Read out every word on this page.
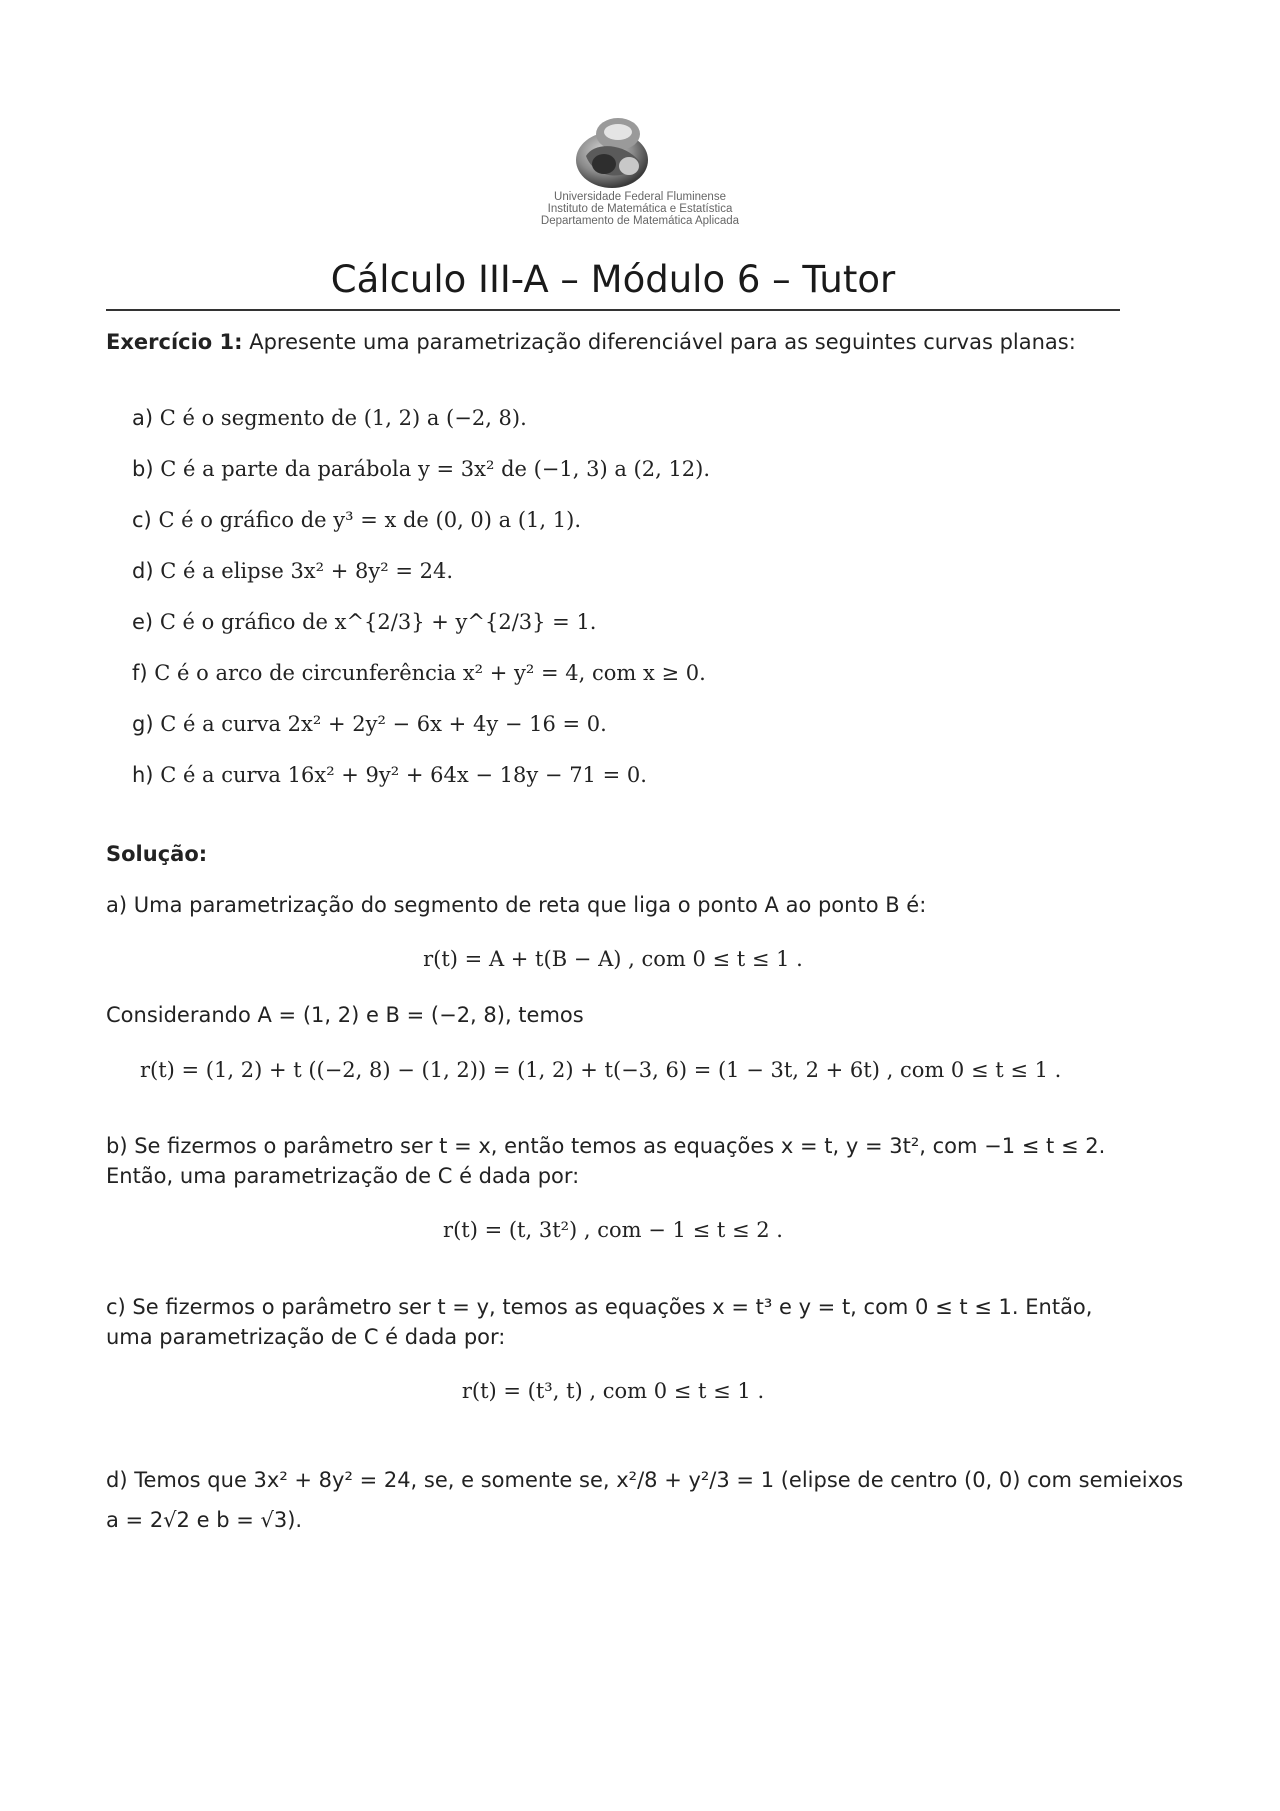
Universidade Federal Fluminense
Instituto de Matemática e Estatística
Departamento de Matemática Aplicada
Cálculo III-A – Módulo 6 – Tutor
Exercício 1: Apresente uma parametrização diferenciável para as seguintes curvas planas:
a) C é o segmento de (1, 2) a (−2, 8).
b) C é a parte da parábola y = 3x² de (−1, 3) a (2, 12).
c) C é o gráfico de y³ = x de (0, 0) a (1, 1).
d) C é a elipse 3x² + 8y² = 24.
e) C é o gráfico de x^{2/3} + y^{2/3} = 1.
f) C é o arco de circunferência x² + y² = 4, com x ≥ 0.
g) C é a curva 2x² + 2y² − 6x + 4y − 16 = 0.
h) C é a curva 16x² + 9y² + 64x − 18y − 71 = 0.
Solução:
a) Uma parametrização do segmento de reta que liga o ponto A ao ponto B é:
r(t) = A + t(B − A) , com 0 ≤ t ≤ 1 .
Considerando A = (1, 2) e B = (−2, 8), temos
r(t) = (1, 2) + t ((−2, 8) − (1, 2)) = (1, 2) + t(−3, 6) = (1 − 3t, 2 + 6t) , com 0 ≤ t ≤ 1 .
b) Se fizermos o parâmetro ser t = x, então temos as equações x = t, y = 3t², com −1 ≤ t ≤ 2.
Então, uma parametrização de C é dada por:
r(t) = (t, 3t²) , com − 1 ≤ t ≤ 2 .
c) Se fizermos o parâmetro ser t = y, temos as equações x = t³ e y = t, com 0 ≤ t ≤ 1. Então,
uma parametrização de C é dada por:
r(t) = (t³, t) , com 0 ≤ t ≤ 1 .
d) Temos que 3x² + 8y² = 24, se, e somente se, x²/8 + y²/3 = 1 (elipse de centro (0, 0) com semieixos
a = 2√2 e b = √3).
